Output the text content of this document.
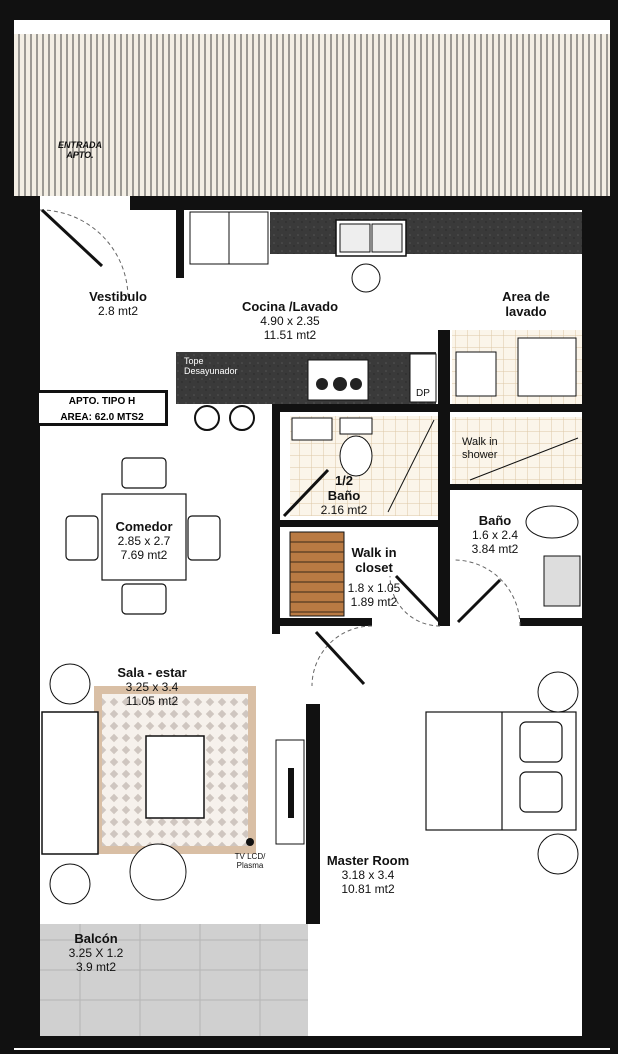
ENTRADA APTO.
Vestibulo
2.8 mt2	Cocina /Lavado
4.90 x 2.35
11.51 mt2
Area de lavado
Tope Desayunador
APTO. TIPO H
AREA: 62.0 MTS2
DP
1/2
Baño
2.16 mt2
Walk in shower
Baño
1.6 x 2.4
3.84 mt2
Comedor
2.85 x 2.7
7.69 mt2	Walk in closet
1.8 x 1.05
1.89 mt2
Sala - estar
3.25 x 3.4
11.05 mt2
TV LCD/ Plasma	Master Room
3.18 x 3.4
10.81 mt2
Balcón
3.25 X 1.2
3.9 mt2
